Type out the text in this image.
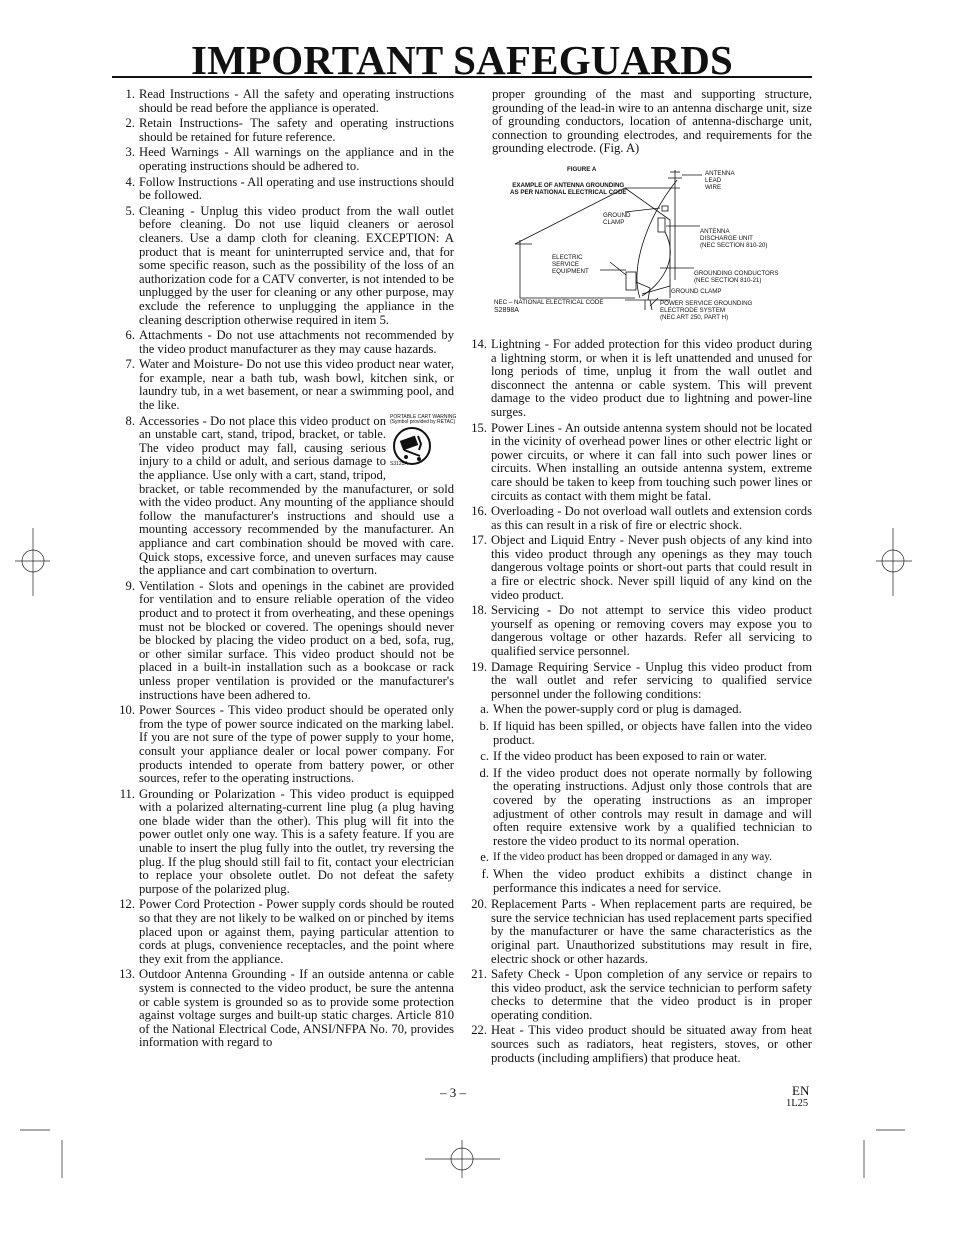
IMPORTANT SAFEGUARDS
1. Read Instructions - All the safety and operating instructions should be read before the appliance is operated.
2. Retain Instructions- The safety and operating instructions should be retained for future reference.
3. Heed Warnings - All warnings on the appliance and in the operating instructions should be adhered to.
4. Follow Instructions - All operating and use instructions should be followed.
5. Cleaning - Unplug this video product from the wall outlet before cleaning. Do not use liquid cleaners or aerosol cleaners. Use a damp cloth for cleaning. EXCEPTION: A product that is meant for uninterrupted service and, that for some specific reason, such as the possibility of the loss of an authorization code for a CATV converter, is not intended to be unplugged by the user for cleaning or any other purpose, may exclude the reference to unplugging the appliance in the cleaning description otherwise required in item 5.
6. Attachments - Do not use attachments not recommended by the video product manufacturer as they may cause hazards.
7. Water and Moisture- Do not use this video product near water, for example, near a bath tub, wash bowl, kitchen sink, or laundry tub, in a wet basement, or near a swimming pool, and the like.
8.	PORTABLE CART WARNING
(Symbol provided by RETAC)
S3125A
Accessories - Do not place this video product on an unstable cart, stand, tripod, bracket, or table. The video product may fall, causing serious injury to a child or adult, and serious damage to the appliance. Use only with a cart, stand, tripod, bracket, or table recommended by the manufacturer, or sold with the video product. Any mounting of the appliance should follow the manufacturer's instructions and should use a mounting accessory recommended by the manufacturer. An appliance and cart combination should be moved with care. Quick stops, excessive force, and uneven surfaces may cause the appliance and cart combination to overturn.
9. Ventilation - Slots and openings in the cabinet are provided for ventilation and to ensure reliable operation of the video product and to protect it from overheating, and these openings must not be blocked or covered. The openings should never be blocked by placing the video product on a bed, sofa, rug, or other similar surface. This video product should not be placed in a built-in installation such as a bookcase or rack unless proper ventilation is provided or the manufacturer's instructions have been adhered to.
10. Power Sources - This video product should be operated only from the type of power source indicated on the marking label. If you are not sure of the type of power supply to your home, consult your appliance dealer or local power company. For products intended to operate from battery power, or other sources, refer to the operating instructions.
11. Grounding or Polarization - This video product is equipped with a polarized alternating-current line plug (a plug having one blade wider than the other). This plug will fit into the power outlet only one way. This is a safety feature. If you are unable to insert the plug fully into the outlet, try reversing the plug. If the plug should still fail to fit, contact your electrician to replace your obsolete outlet. Do not defeat the safety purpose of the polarized plug.
12. Power Cord Protection - Power supply cords should be routed so that they are not likely to be walked on or pinched by items placed upon or against them, paying particular attention to cords at plugs, convenience receptacles, and the point where they exit from the appliance.
13. Outdoor Antenna Grounding - If an outside antenna or cable system is connected to the video product, be sure the antenna or cable system is grounded so as to provide some protection against voltage surges and built-up static charges. Article 810 of the National Electrical Code, ANSI/NFPA No. 70, provides information with regard to
proper grounding of the mast and supporting structure, grounding of the lead-in wire to an antenna discharge unit, size of grounding conductors, location of antenna-discharge unit, connection to grounding electrodes, and requirements for the grounding electrode. (Fig. A)
FIGURE A
EXAMPLE OF ANTENNA GROUNDING
AS PER NATIONAL ELECTRICAL CODE
ANTENNA
LEAD
WIRE
GROUND
CLAMP
ANTENNA
DISCHARGE UNIT
(NEC SECTION 810-20)
ELECTRIC
SERVICE
EQUIPMENT	GROUNDING CONDUCTORS
(NEC SECTION 810-21)
GROUND CLAMP
NEC – NATIONAL ELECTRICAL CODE
S2898A
POWER SERVICE GROUNDING
ELECTRODE SYSTEM
(NEC ART 250, PART H)
14. Lightning - For added protection for this video product during a lightning storm, or when it is left unattended and unused for long periods of time, unplug it from the wall outlet and disconnect the antenna or cable system. This will prevent damage to the video product due to lightning and power-line surges.
15. Power Lines - An outside antenna system should not be located in the vicinity of overhead power lines or other electric light or power circuits, or where it can fall into such power lines or circuits. When installing an outside antenna system, extreme care should be taken to keep from touching such power lines or circuits as contact with them might be fatal.
16. Overloading - Do not overload wall outlets and extension cords as this can result in a risk of fire or electric shock.
17. Object and Liquid Entry - Never push objects of any kind into this video product through any openings as they may touch dangerous voltage points or short-out parts that could result in a fire or electric shock. Never spill liquid of any kind on the video product.
18. Servicing - Do not attempt to service this video product yourself as opening or removing covers may expose you to dangerous voltage or other hazards. Refer all servicing to qualified service personnel.
19. Damage Requiring Service - Unplug this video product from the wall outlet and refer servicing to qualified service personnel under the following conditions:
a. When the power-supply cord or plug is damaged.
b. If liquid has been spilled, or objects have fallen into the video product.
c. If the video product has been exposed to rain or water.
d. If the video product does not operate normally by following the operating instructions. Adjust only those controls that are covered by the operating instructions as an improper adjustment of other controls may result in damage and will often require extensive work by a qualified technician to restore the video product to its normal operation.
e. If the video product has been dropped or damaged in any way.
f. When the video product exhibits a distinct change in performance this indicates a need for service.
20. Replacement Parts - When replacement parts are required, be sure the service technician has used replacement parts specified by the manufacturer or have the same characteristics as the original part. Unauthorized substitutions may result in fire, electric shock or other hazards.
21. Safety Check - Upon completion of any service or repairs to this video product, ask the service technician to perform safety checks to determine that the video product is in proper operating condition.
22. Heat - This video product should be situated away from heat sources such as radiators, heat registers, stoves, or other products (including amplifiers) that produce heat.
– 3 –	EN
1L25
